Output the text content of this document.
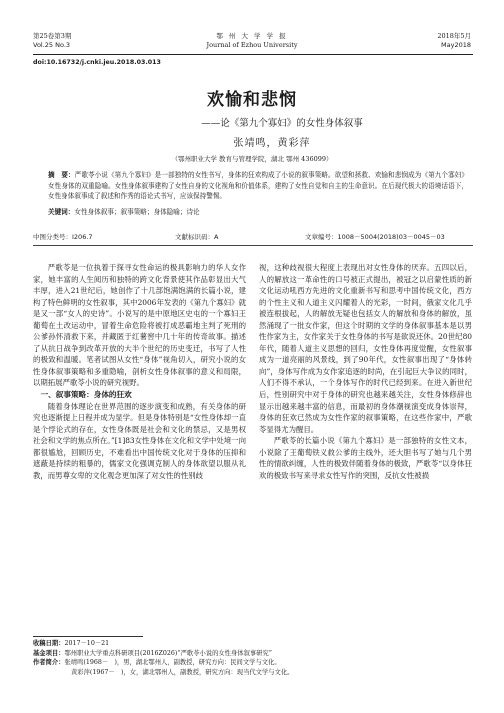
第25卷第3期
Vol.25 No.3
鄂 州 大 学 学 报
Journal of Ezhou University
2018年5月
May2018
doi:10.16732/j.cnki.jeu.2018.03.013
欢愉和悲悯
——论《第九个寡妇》的女性身体叙事
张靖鸣，黄彩萍
（鄂州职业大学 教育与管理学院，湖北 鄂州 436099）
摘　要：严歌苓小说《第九个寡妇》是一部独特的女性书写，身体的狂欢构成了小说的叙事策略。欲望和拯救、欢愉和悲悯成为《第九个寡妇》女性身体的双重隐喻。女性身体叙事建构了女性自身的文化视角和价值体系，建构了女性自觉和自主的生命意识。在后现代极大的语境话语下，女性身体叙事成了叙述和作秀的语论式书写，应该保持警惕。
关键词：女性身体叙事；叙事策略；身体隐喻；诗论
中图分类号：I206.7	文献标识码：A	文章编号：1008－5004(2018)03－0045－03

严歌苓是一位执着于探寻女性命运的极具影响力的华人女作家，她丰富的人生阅历和独特的跨文化背景使其作品彰显出大气丰厚，进入21世纪后，她创作了十几部饱满饱满的长篇小说，建构了特色鲜明的女性叙事，其中2006年发表的《第九个寡妇》就是又一部“女人的史诗”。小说写的是中原地区史屯的一个寡妇王葡萄在土改运动中，冒着生命危险将被打成恶霸地主判了死刑的公爹孙怀清救下来，并藏匿于红薯窖中几十年的传奇故事。描述了从抗日战争到改革开放的大半个世纪的历史变迁，书写了人性的极致和温暖。笔者试图从女性“身体”视角切入，研究小说的女性身体叙事策略和多重隐喻，剖析女性身体叙事的意义和局限，以期拓展严歌苓小说的研究视野。

一、叙事策略：身体的狂欢

随着身体理论在世界范围的逐步演变和成熟，有关身体的研究也逐渐提上日程并成为显学。但是身体特别是“女性身体却一直是个悖论式的存在，女性身体既是社会和文化的禁忌，又是男权社会和文学的焦点所在。”[1]83女性身体在文化和文学中处境一向都很尴尬，回顾历史，不难看出中国传统文化对于身体的压抑和遮蔽是持续的粗暴的，儒家文化强调克制人的身体欲望以服从礼教，而男尊女卑的文化观念更加深了对女性的性别歧

视，这种歧视很大程度上表现出对女性身体的厌弃。五四以后，人的解放这一革命性的口号被正式提出，被冠之以启蒙性质的新文化运动吼西方先进的文化重新书写和思考中国传统文化，西方的个性主义和人道主义闪耀着人的光彩，一时间，俄家文化几乎被连根拔起，人的解放无疑也包括女人的解放和身体的解放，虽然涌现了一批女作家，但这个时期的文学的身体叙事基本是以男性作家为主，女作家关于女性身体的书写是欲说还休。20世纪80年代，随着人道主义思想的回归，女性身体再度觉醒，女性叙事成为一道亮丽的风景线，到了90年代，女性叙事出现了“身体转向”，身体写作成为女作家追逐的时尚，在引起巨大争议的同时，人们不得不承认，一个身体写作的时代已经到来。在进入新世纪后，性别研究中对于身体的研究也越来越关注，女性身体修辞也显示出越来越丰富的信息，而最初的身体潮视演变成身体崇拜，身体的狂欢已然成为女性作家的叙事策略，在这些作家中，严歌苓显得尤为醒目。

严歌苓的长篇小说《第九个寡妇》是一部独特的女性文本，小说除了王葡萄铁义救公爹的主线外，还大胆书写了她与几个男性的情欲纠缠，人性的极致伴随着身体的极致，严歌苓“以身体狂欢的极致书写来寻求女性写作的突围，反抗女性被损

收稿日期：2017－10－21
基金项目：鄂州职业大学重点科研项目(2016Z026)“严歌苓小说的女性身体叙事研究”
作者简介：张靖鸣(1968－　)，男，湖北鄂州人，副教授，研究方向：民间文学与文化。
黄彩萍(1967－　)，女，湖北鄂州人，副教授，研究方向：现当代文学与文化。
